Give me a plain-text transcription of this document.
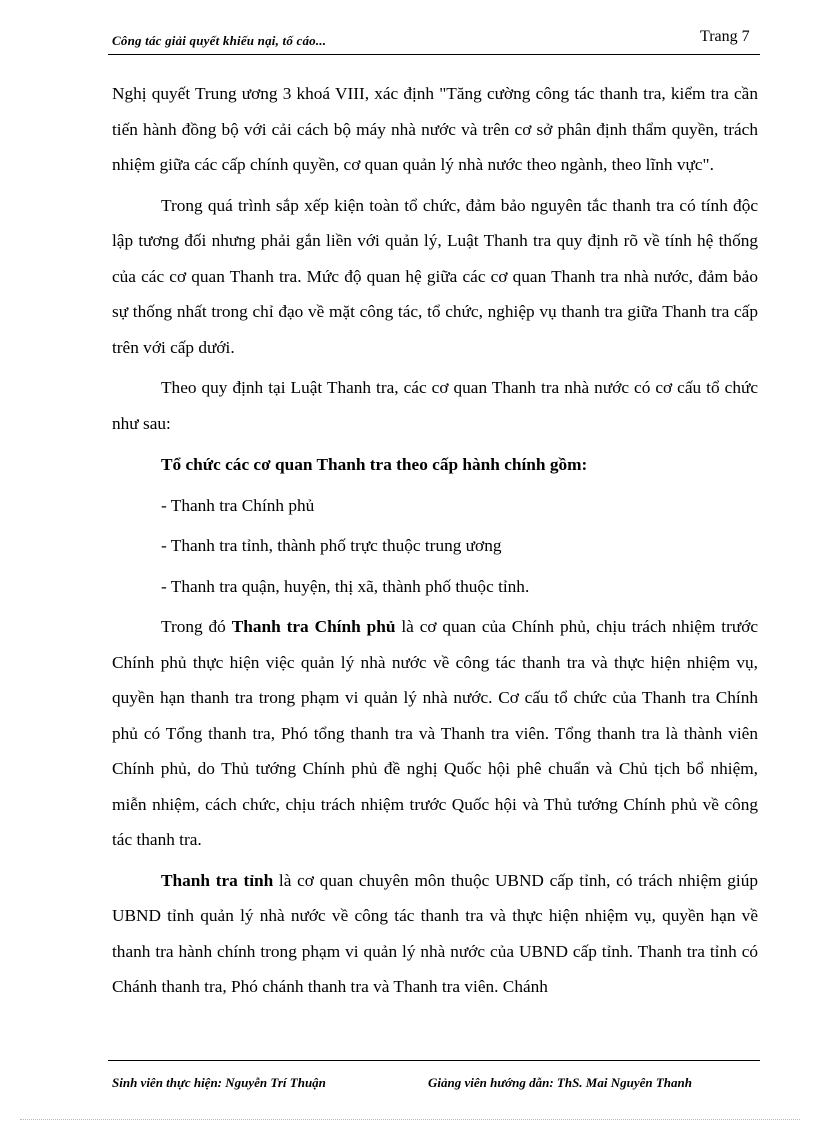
Công tác giải quyết khiếu nại, tố cáo...	Trang 7

Nghị quyết Trung ương 3 khoá VIII, xác định "Tăng cường công tác thanh tra, kiểm tra cần tiến hành đồng bộ với cải cách bộ máy nhà nước và trên cơ sở phân định thẩm quyền, trách nhiệm giữa các cấp chính quyền, cơ quan quản lý nhà nước theo ngành, theo lĩnh vực".

Trong quá trình sắp xếp kiện toàn tổ chức, đảm bảo nguyên tắc thanh tra có tính độc lập tương đối nhưng phải gắn liền với quản lý, Luật Thanh tra quy định rõ về tính hệ thống của các cơ quan Thanh tra. Mức độ quan hệ giữa các cơ quan Thanh tra nhà nước, đảm bảo sự thống nhất trong chỉ đạo về mặt công tác, tổ chức, nghiệp vụ thanh tra giữa Thanh tra cấp trên với cấp dưới.

Theo quy định tại Luật Thanh tra, các cơ quan Thanh tra nhà nước có cơ cấu tổ chức như sau:

Tổ chức các cơ quan Thanh tra theo cấp hành chính gồm:

- Thanh tra Chính phủ

- Thanh tra tỉnh, thành phố trực thuộc trung ương

- Thanh tra quận, huyện, thị xã, thành phố thuộc tỉnh.

Trong đó Thanh tra Chính phủ là cơ quan của Chính phủ, chịu trách nhiệm trước Chính phủ thực hiện việc quản lý nhà nước về công tác thanh tra và thực hiện nhiệm vụ, quyền hạn thanh tra trong phạm vi quản lý nhà nước. Cơ cấu tổ chức của Thanh tra Chính phủ có Tổng thanh tra, Phó tổng thanh tra và Thanh tra viên. Tổng thanh tra là thành viên Chính phủ, do Thủ tướng Chính phủ đề nghị Quốc hội phê chuẩn và Chủ tịch bổ nhiệm, miễn nhiệm, cách chức, chịu trách nhiệm trước Quốc hội và Thủ tướng Chính phủ về công tác thanh tra.

Thanh tra tỉnh là cơ quan chuyên môn thuộc UBND cấp tỉnh, có trách nhiệm giúp UBND tỉnh quản lý nhà nước về công tác thanh tra và thực hiện nhiệm vụ, quyền hạn về thanh tra hành chính trong phạm vi quản lý nhà nước của UBND cấp tỉnh. Thanh tra tỉnh có Chánh thanh tra, Phó chánh thanh tra và Thanh tra viên. Chánh

Sinh viên thực hiện: Nguyễn Trí Thuận	Giảng viên hướng dẫn: ThS. Mai Nguyên Thanh
